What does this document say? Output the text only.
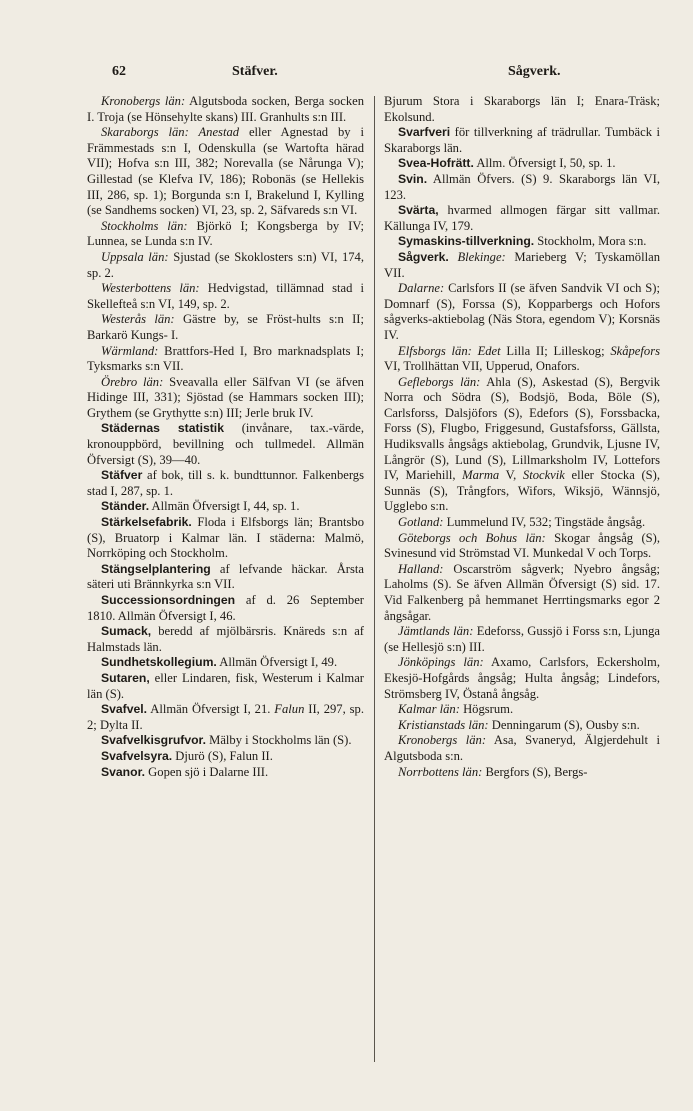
62	Stäfver.	Sågverk.

Kronobergs län: Algutsboda socken, Berga socken I. Troja (se Hönsehylte skans) III. Granhults s:n III.

Skaraborgs län: Anestad eller Agnestad by i Främmestads s:n I, Odenskulla (se Wartofta härad VII); Hofva s:n III, 382; Norevalla (se Nårunga V); Gillestad (se Klefva IV, 186); Robonäs (se Hellekis III, 286, sp. 1); Borgunda s:n I, Brakelund I, Kylling (se Sandhems socken) VI, 23, sp. 2, Säfvareds s:n VI.

Stockholms län: Björkö I; Kongsberga by IV; Lunnea, se Lunda s:n IV.

Uppsala län: Sjustad (se Skoklosters s:n) VI, 174, sp. 2.

Westerbottens län: Hedvigstad, tillämnad stad i Skellefteå s:n VI, 149, sp. 2.

Westerås län: Gästre by, se Fröst-hults s:n II; Barkarö Kungs- I.

Wärmland: Brattfors-Hed I, Bro marknadsplats I; Tyksmarks s:n VII.

Örebro län: Sveavalla eller Sälfvan VI (se äfven Hidinge III, 331); Sjöstad (se Hammars socken III); Grythem (se Grythytte s:n) III; Jerle bruk IV.

Städernas statistik (invånare, tax.-värde, kronouppbörd, bevillning och tullmedel. Allmän Öfversigt (S), 39—40.

Stäfver af bok, till s. k. bundttunnor. Falkenbergs stad I, 287, sp. 1.

Ständer. Allmän Öfversigt I, 44, sp. 1.

Stärkelsefabrik. Floda i Elfsborgs län; Brantsbo (S), Bruatorp i Kalmar län. I städerna: Malmö, Norrköping och Stockholm.

Stängselplantering af lefvande häckar. Årsta säteri uti Brännkyrka s:n VII.

Successionsordningen af d. 26 September 1810. Allmän Öfversigt I, 46.

Sumack, beredd af mjölbärsris. Knäreds s:n af Halmstads län.

Sundhetskollegium. Allmän Öfversigt I, 49.

Sutaren, eller Lindaren, fisk, Westerum i Kalmar län (S).

Svafvel. Allmän Öfversigt I, 21. Falun II, 297, sp. 2; Dylta II.

Svafvelkisgrufvor. Mälby i Stockholms län (S).

Svafvelsyra. Djurö (S), Falun II.

Svanor. Gopen sjö i Dalarne III.

Bjurum Stora i Skaraborgs län I; Enara-Träsk; Ekolsund.

Svarfveri för tillverkning af trädrullar. Tumbäck i Skaraborgs län.

Svea-Hofrätt. Allm. Öfversigt I, 50, sp. 1.

Svin. Allmän Öfvers. (S) 9. Skaraborgs län VI, 123.

Svärta, hvarmed allmogen färgar sitt vallmar. Källunga IV, 179.

Symaskins-tillverkning. Stockholm, Mora s:n.

Sågverk. Blekinge: Marieberg V; Tyskamöllan VII.

Dalarne: Carlsfors II (se äfven Sandvik VI och S); Domnarf (S), Forssa (S), Kopparbergs och Hofors sågverks-aktiebolag (Näs Stora, egendom V); Korsnäs IV.

Elfsborgs län: Edet Lilla II; Lilleskog; Skåpefors VI, Trollhättan VII, Upperud, Onafors.

Gefleborgs län: Ahla (S), Askestad (S), Bergvik Norra och Södra (S), Bodsjö, Boda, Böle (S), Carlsforss, Dalsjöfors (S), Edefors (S), Forssbacka, Forss (S), Flugbo, Friggesund, Gustafsforss, Gällsta, Hudiksvalls ångsågs aktiebolag, Grundvik, Ljusne IV, Långrör (S), Lund (S), Lillmarksholm IV, Lottefors IV, Mariehill, Marma V, Stockvik eller Stocka (S), Sunnäs (S), Trångfors, Wifors, Wiksjö, Wännsjö, Ugglebo s:n.

Gotland: Lummelund IV, 532; Tingstäde ångsåg.

Göteborgs och Bohus län: Skogar ångsåg (S), Svinesund vid Strömstad VI. Munkedal V och Torps.

Halland: Oscarström sågverk; Nyebro ångsåg; Laholms (S). Se äfven Allmän Öfversigt (S) sid. 17. Vid Falkenberg på hemmanet Herrtingsmarks egor 2 ångsågar.

Jämtlands län: Edeforss, Gussjö i Forss s:n, Ljunga (se Hellesjö s:n) III.

Jönköpings län: Axamo, Carlsfors, Eckersholm, Ekesjö-Hofgårds ångsåg; Hulta ångsåg; Lindefors, Strömsberg IV, Östanå ångsåg.

Kalmar län: Högsrum.

Kristianstads län: Denningarum (S), Ousby s:n.

Kronobergs län: Asa, Svaneryd, Älgjerdehult i Algutsboda s:n.

Norrbottens län: Bergfors (S), Bergs-
